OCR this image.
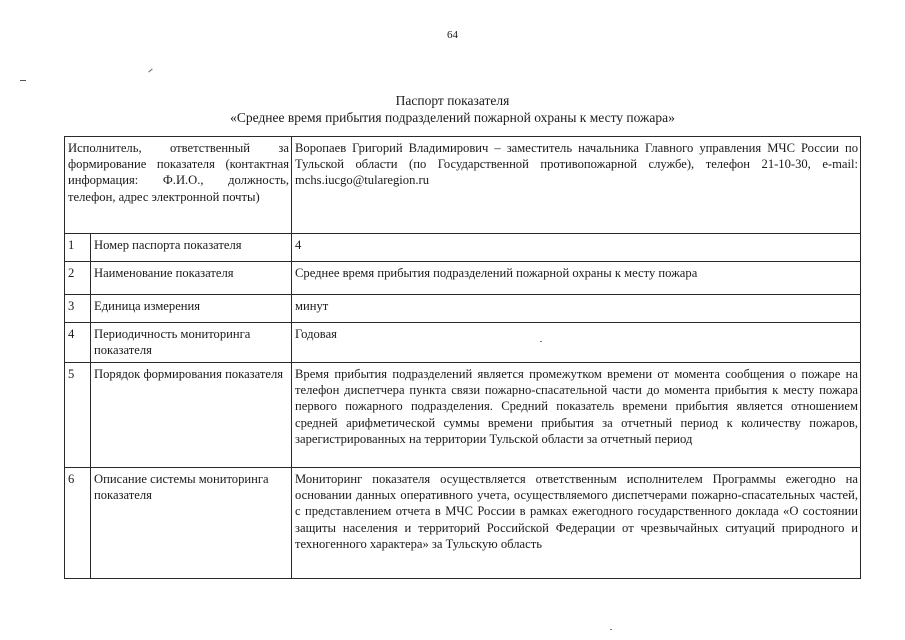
64
Паспорт показателя
«Среднее время прибытия подразделений пожарной охраны к месту пожара»
Исполнитель, ответственный за формирование показателя (контактная информация: Ф.И.О., должность, телефон, адрес электронной почты)		Воропаев Григорий Владимирович – заместитель начальника Главного управления МЧС России по Тульской области (по Государственной противопожарной службе), телефон 21-10-30, e-mail: mchs.iucgo@tularegion.ru
1	Номер паспорта показателя	4
2	Наименование показателя	Среднее время прибытия подразделений пожарной охраны к месту пожара
3	Единица измерения	минут
4	Периодичность мониторинга показателя	Годовая
5	Порядок формирования показателя	Время прибытия подразделений является промежутком времени от момента сообщения о пожаре на телефон диспетчера пункта связи пожарно-спасательной части до момента прибытия к месту пожара первого пожарного подразделения. Средний показатель времени прибытия является отношением средней арифметической суммы времени прибытия за отчетный период к количеству пожаров, зарегистрированных на территории Тульской области за отчетный период
6	Описание системы мониторинга показателя	Мониторинг показателя осуществляется ответственным исполнителем Программы ежегодно на основании данных оперативного учета, осуществляемого диспетчерами пожарно-спасательных частей, с представлением отчета в МЧС России в рамках ежегодного государственного доклада «О состоянии защиты населения и территорий Российской Федерации от чрезвычайных ситуаций природного и техногенного характера» за Тульскую область
